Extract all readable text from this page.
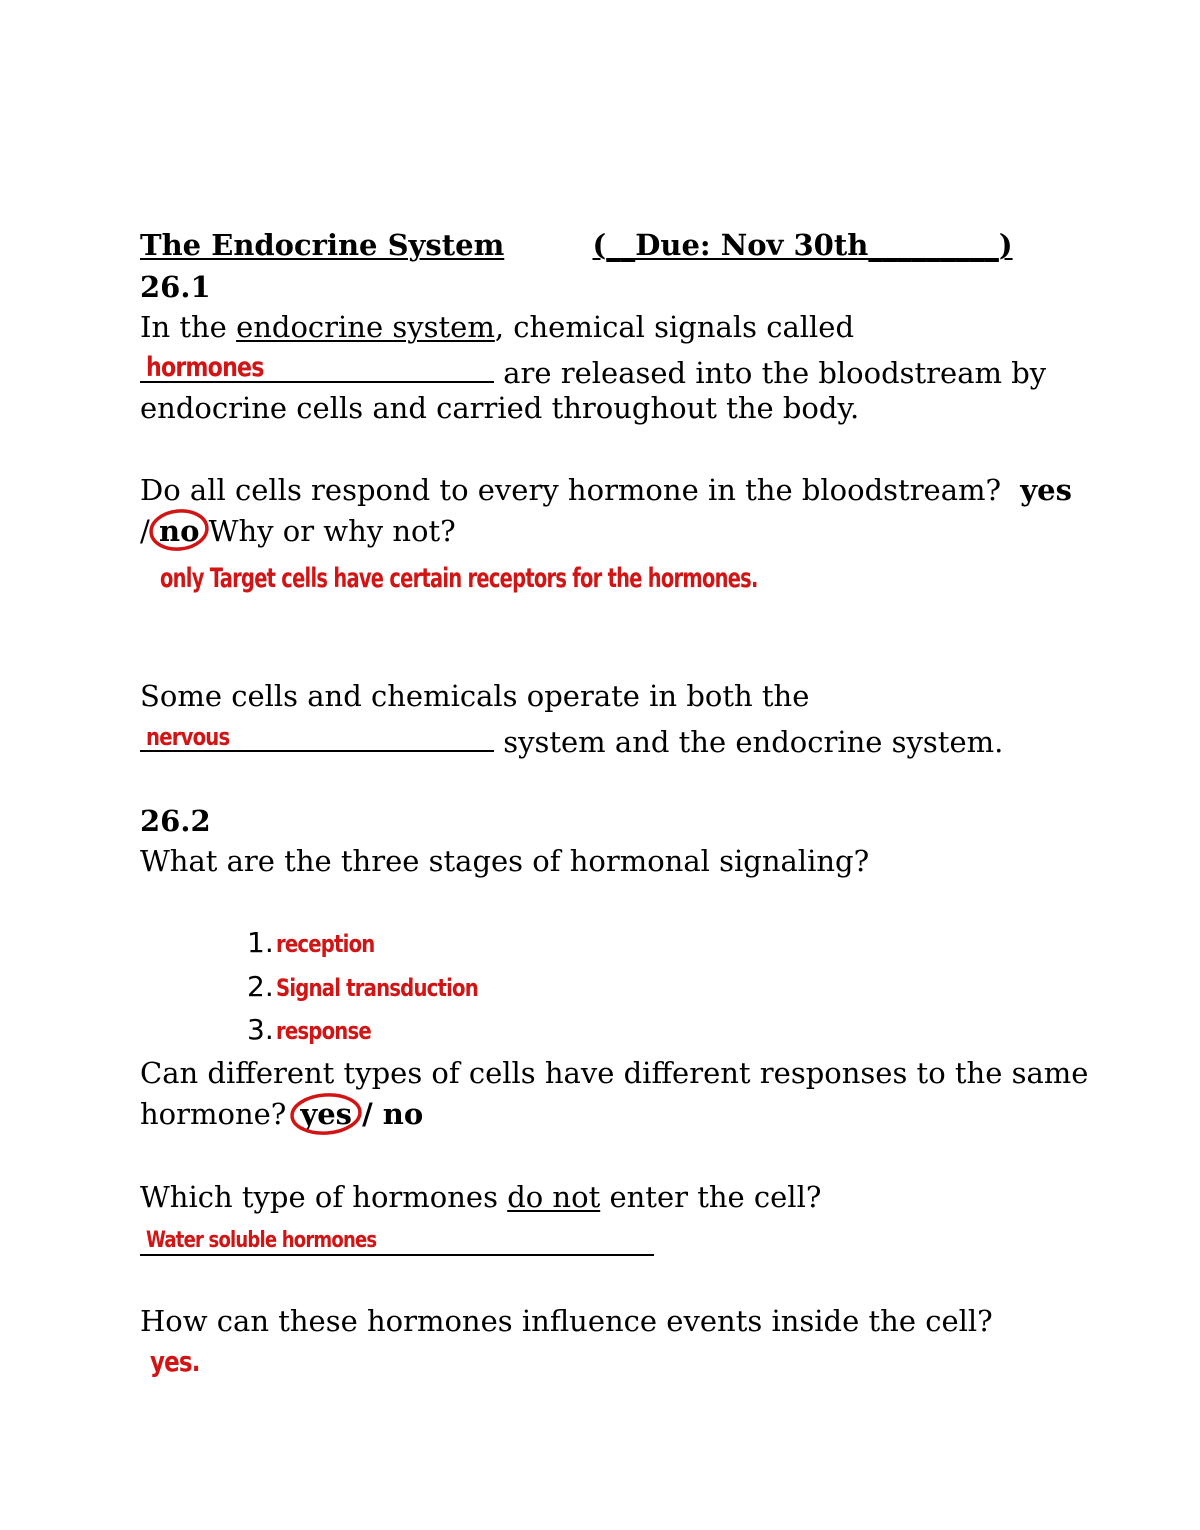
The Endocrine System	(__Due: Nov 30th_________)
26.1
In the endocrine system, chemical signals called
hormones	are released into the bloodstream by
endocrine cells and carried throughout the body.
Do all cells respond to every hormone in the bloodstream? yes
/ no
Why or why not?
only Target cells have certain receptors for the hormones.
Some cells and chemicals operate in both the
nervous	system and the endocrine system.
26.2
What are the three stages of hormonal signaling?
1.reception
2.Signal transduction
3.response
Can different types of cells have different responses to the same
hormone? yes
/ no
Which type of hormones do not enter the cell?
Water soluble hormones
How can these hormones influence events inside the cell?
yes.
